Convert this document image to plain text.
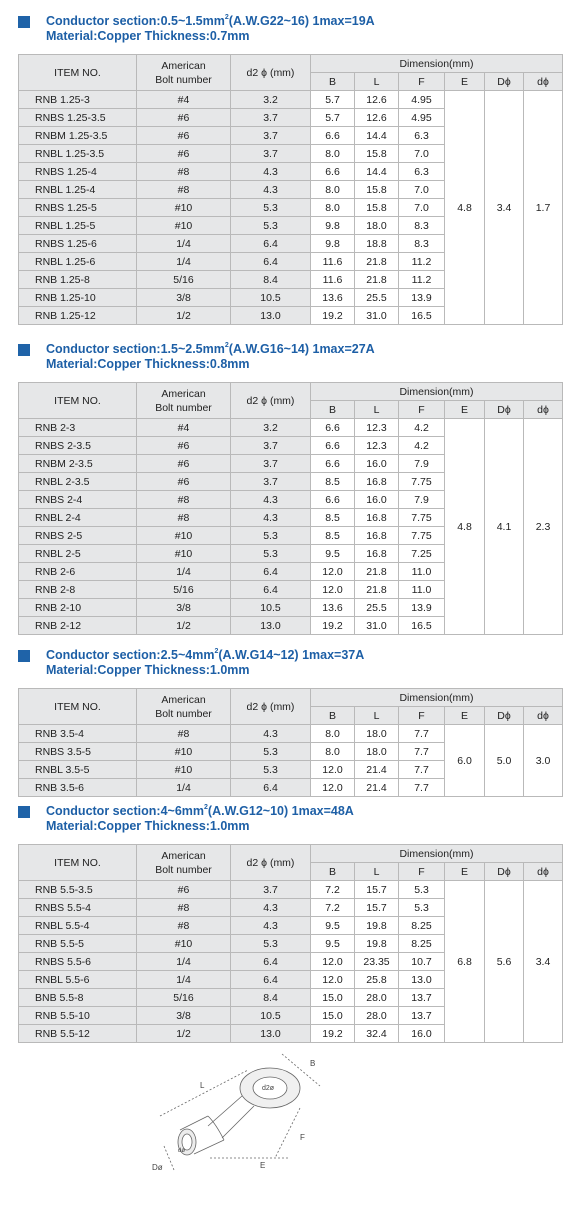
Conductor $section:0.5\sim 1.5mm^2(A.W.G22\sim 16)$ 1max=19A
Material:Copper Thickness:0.7mm
ITEM NO.	American
Bolt number	d2 ϕ (mm)	Dimension(mm)					
			B	L	F	E	Dϕ	dϕ
RNB 1.25-3	#4	3.2	5.7	12.6	4.95	4.8	3.4	1.7
RNBS 1.25-3.5	#6	3.7	5.7	12.6	4.95			
RNBM 1.25-3.5	#6	3.7	6.6	14.4	6.3			
RNBL 1.25-3.5	#6	3.7	8.0	15.8	7.0			
RNBS 1.25-4	#8	4.3	6.6	14.4	6.3			
RNBL 1.25-4	#8	4.3	8.0	15.8	7.0			
RNBS 1.25-5	#10	5.3	8.0	15.8	7.0			
RNBL 1.25-5	#10	5.3	9.8	18.0	8.3			
RNBS 1.25-6	1/4	6.4	9.8	18.8	8.3			
RNBL 1.25-6	1/4	6.4	11.6	21.8	11.2			
RNB 1.25-8	5/16	8.4	11.6	21.8	11.2			
RNB 1.25-10	3/8	10.5	13.6	25.5	13.9			
RNB 1.25-12	1/2	13.0	19.2	31.0	16.5			
Conductor $section:1.5\sim 2.5mm^2(A.W.G16\sim 14)$ 1max=27A
Material:Copper Thickness:0.8mm
ITEM NO.	American
Bolt number	d2 ϕ (mm)	Dimension(mm)					
			B	L	F	E	Dϕ	dϕ
RNB 2-3	#4	3.2	6.6	12.3	4.2	4.8	4.1	2.3
RNBS 2-3.5	#6	3.7	6.6	12.3	4.2			
RNBM 2-3.5	#6	3.7	6.6	16.0	7.9			
RNBL 2-3.5	#6	3.7	8.5	16.8	7.75			
RNBS 2-4	#8	4.3	6.6	16.0	7.9			
RNBL 2-4	#8	4.3	8.5	16.8	7.75			
RNBS 2-5	#10	5.3	8.5	16.8	7.75			
RNBL 2-5	#10	5.3	9.5	16.8	7.25			
RNB 2-6	1/4	6.4	12.0	21.8	11.0			
RNB 2-8	5/16	6.4	12.0	21.8	11.0			
RNB 2-10	3/8	10.5	13.6	25.5	13.9			
RNB 2-12	1/2	13.0	19.2	31.0	16.5			
Conductor $section:2.5\sim 4mm^2(A.W.G14\sim 12)$ 1max=37A
Material:Copper Thickness:1.0mm
ITEM NO.	American
Bolt number	d2 ϕ (mm)	Dimension(mm)					
			B	L	F	E	Dϕ	dϕ
RNB 3.5-4	#8	4.3	8.0	18.0	7.7	6.0	5.0	3.0
RNBS 3.5-5	#10	5.3	8.0	18.0	7.7			
RNBL 3.5-5	#10	5.3	12.0	21.4	7.7			
RNB 3.5-6	1/4	6.4	12.0	21.4	7.7			
Conductor $section:4\sim 6mm^2(A.W.G12\sim 10)$ 1max=48A
Material:Copper Thickness:1.0mm
ITEM NO.	American
Bolt number	d2 ϕ (mm)	Dimension(mm)					
			B	L	F	E	Dϕ	dϕ
RNB 5.5-3.5	#6	3.7	7.2	15.7	5.3	6.8	5.6	3.4
RNBS 5.5-4	#8	4.3	7.2	15.7	5.3			
RNBL 5.5-4	#8	4.3	9.5	19.8	8.25			
RNB 5.5-5	#10	5.3	9.5	19.8	8.25			
RNBS 5.5-6	1/4	6.4	12.0	23.35	10.7			
RNBL 5.5-6	1/4	6.4	12.0	25.8	13.0			
BNB 5.5-8	5/16	8.4	15.0	28.0	13.7			
RNB 5.5-10	3/8	10.5	15.0	28.0	13.7			
RNB 5.5-12	1/2	13.0	19.2	32.4	16.0			
L
B
d2ø
F
E
Dø
dø
